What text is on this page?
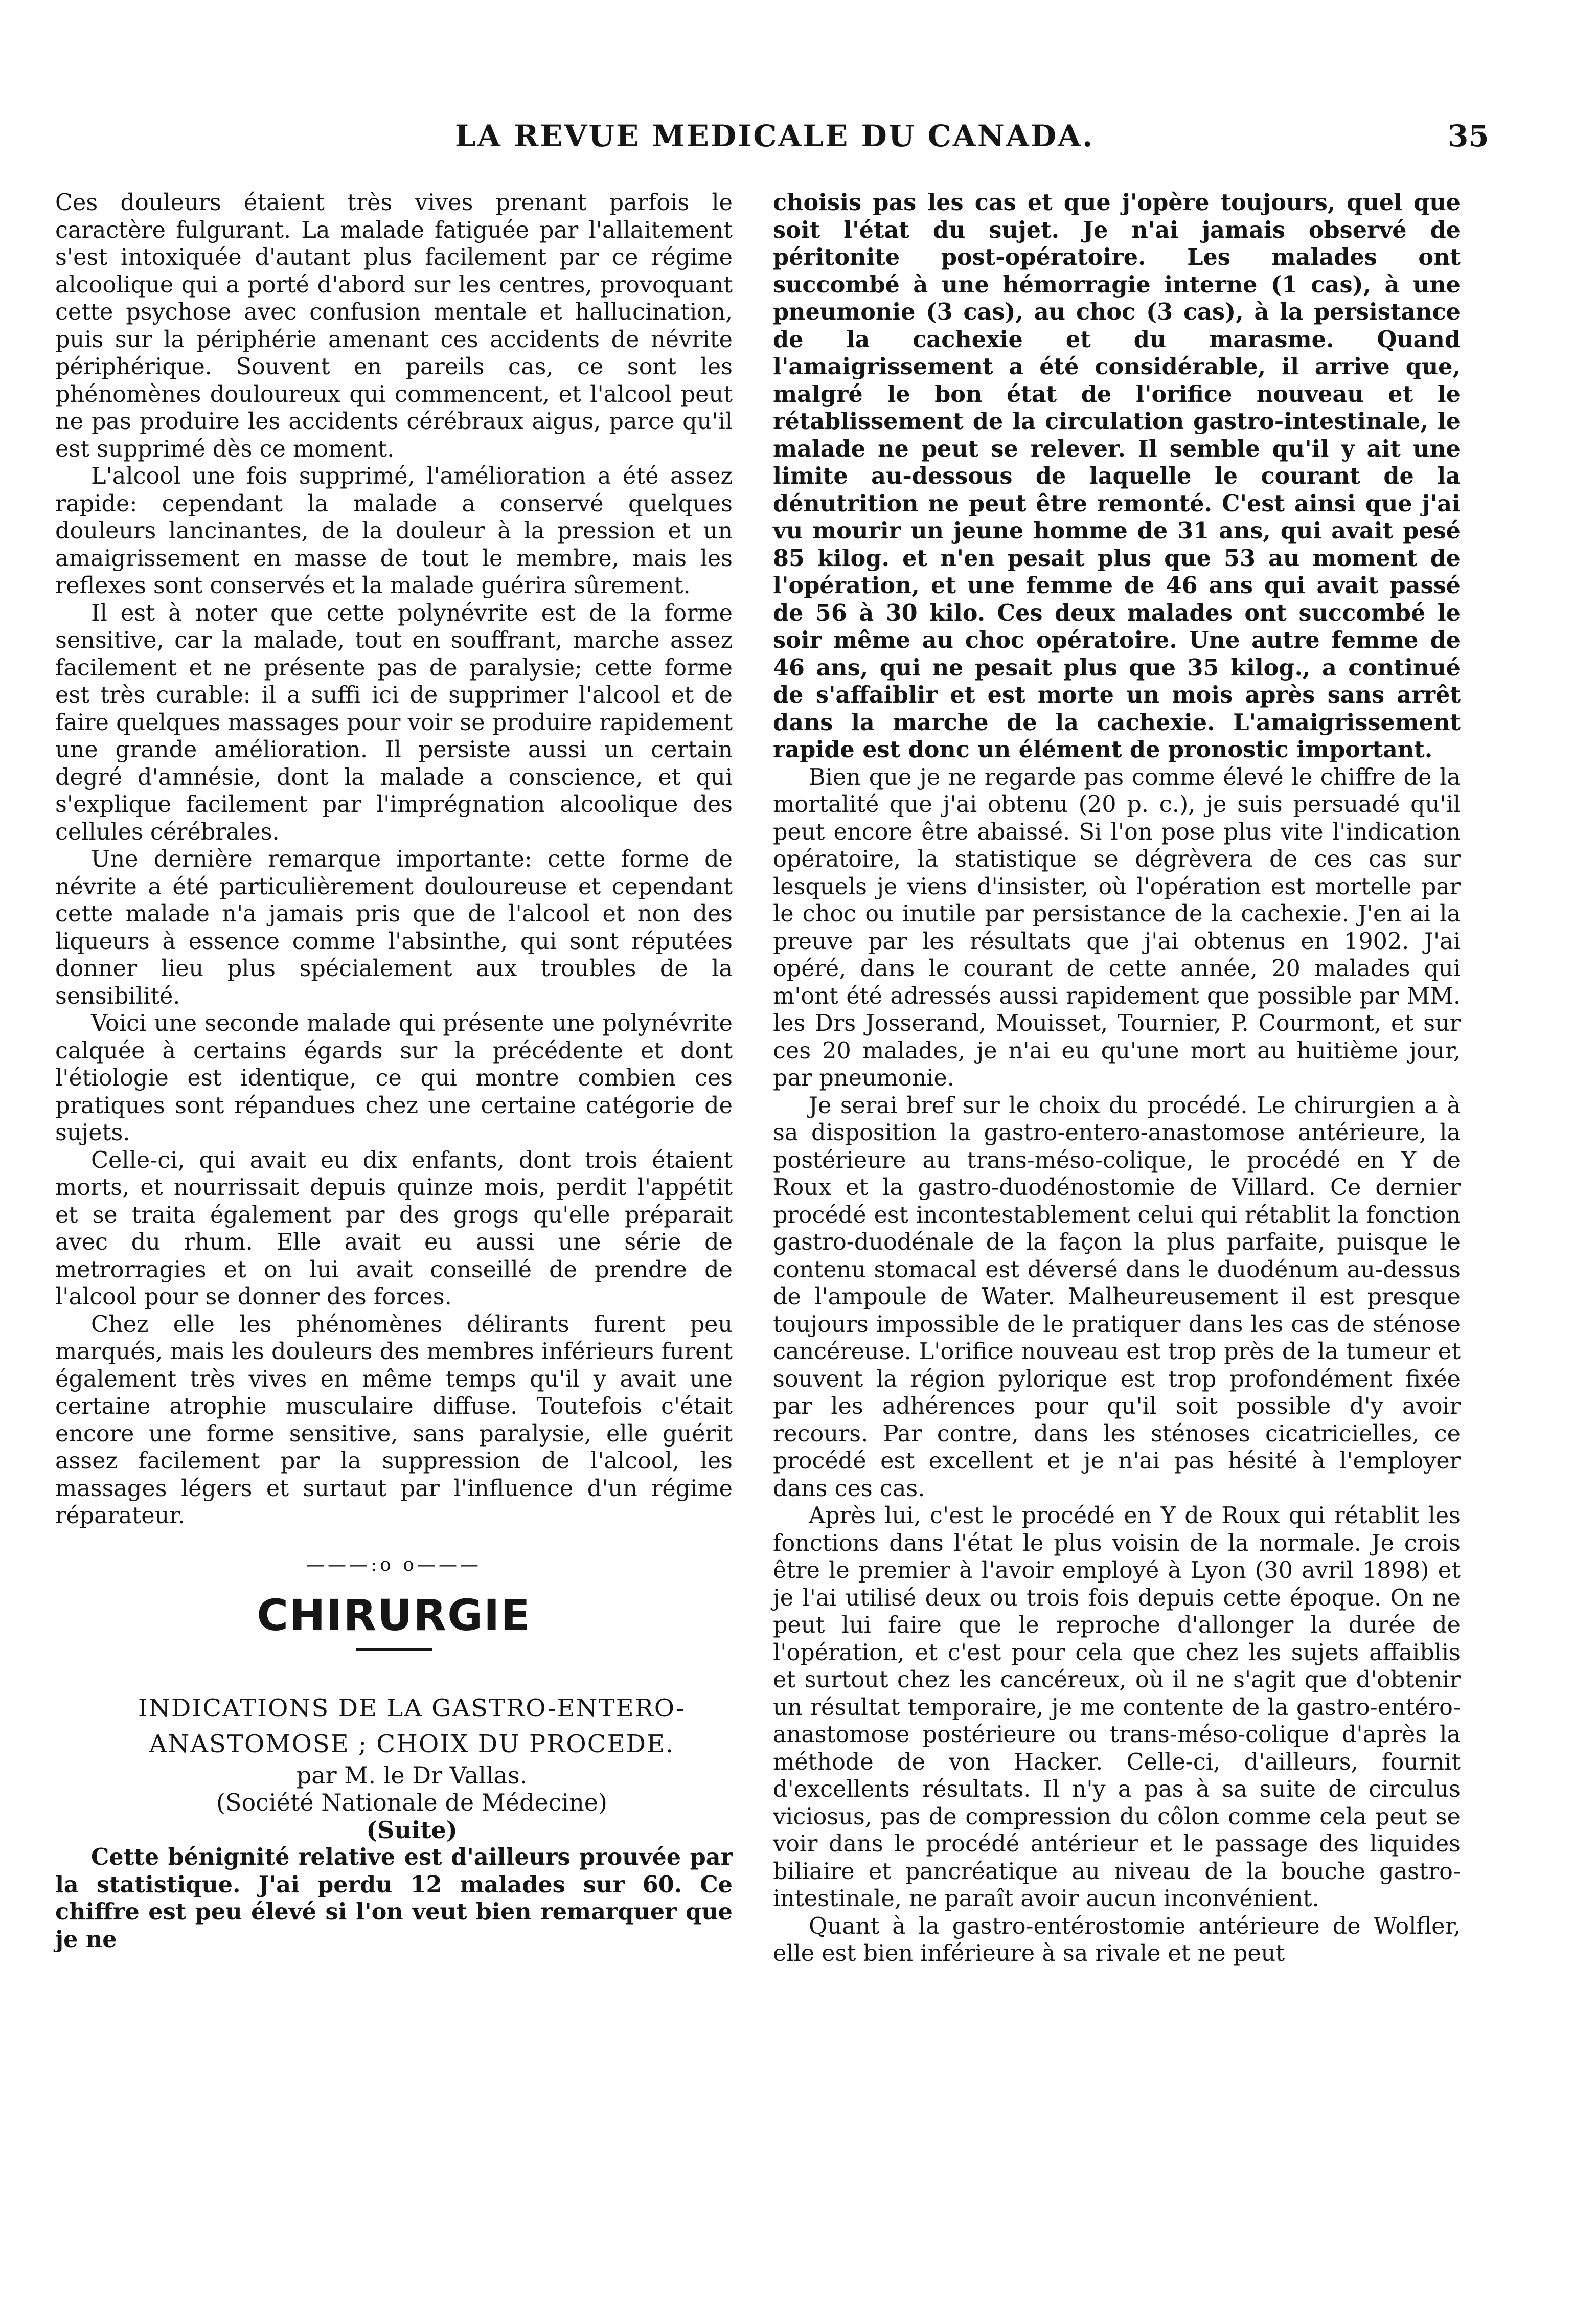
LA REVUE MEDICALE DU CANADA.	35

Ces douleurs étaient très vives prenant parfois le caractère fulgurant. La malade fatiguée par l'allaitement s'est intoxiquée d'autant plus facilement par ce régime alcoolique qui a porté d'abord sur les centres, provoquant cette psychose avec confusion mentale et hallucination, puis sur la périphérie amenant ces accidents de névrite périphérique. Souvent en pareils cas, ce sont les phénomènes douloureux qui commencent, et l'alcool peut ne pas produire les accidents cérébraux aigus, parce qu'il est supprimé dès ce moment.

L'alcool une fois supprimé, l'amélioration a été assez rapide: cependant la malade a conservé quelques douleurs lancinantes, de la douleur à la pression et un amaigrissement en masse de tout le membre, mais les reflexes sont conservés et la malade guérira sûrement.

Il est à noter que cette polynévrite est de la forme sensitive, car la malade, tout en souffrant, marche assez facilement et ne présente pas de paralysie; cette forme est très curable: il a suffi ici de supprimer l'alcool et de faire quelques massages pour voir se produire rapidement une grande amélioration. Il persiste aussi un certain degré d'amnésie, dont la malade a conscience, et qui s'explique facilement par l'imprégnation alcoolique des cellules cérébrales.

Une dernière remarque importante: cette forme de névrite a été particulièrement douloureuse et cependant cette malade n'a jamais pris que de l'alcool et non des liqueurs à essence comme l'absinthe, qui sont réputées donner lieu plus spécialement aux troubles de la sensibilité.

Voici une seconde malade qui présente une polynévrite calquée à certains égards sur la précédente et dont l'étiologie est identique, ce qui montre combien ces pratiques sont répandues chez une certaine catégorie de sujets.

Celle-ci, qui avait eu dix enfants, dont trois étaient morts, et nourrissait depuis quinze mois, perdit l'appétit et se traita également par des grogs qu'elle préparait avec du rhum. Elle avait eu aussi une série de metrorragies et on lui avait conseillé de prendre de l'alcool pour se donner des forces.

Chez elle les phénomènes délirants furent peu marqués, mais les douleurs des membres inférieurs furent également très vives en même temps qu'il y avait une certaine atrophie musculaire diffuse. Toutefois c'était encore une forme sensitive, sans paralysie, elle guérit assez facilement par la suppression de l'alcool, les massages légers et surtaut par l'influence d'un régime réparateur.

———:o o———
CHIRURGIE

INDICATIONS DE LA GASTRO-ENTERO-

ANASTOMOSE ; CHOIX DU PROCEDE.

par M. le Dr Vallas.

(Société Nationale de Médecine)

(Suite)

Cette bénignité relative est d'ailleurs prouvée par la statistique. J'ai perdu 12 malades sur 60. Ce chiffre est peu élevé si l'on veut bien remarquer que je ne

choisis pas les cas et que j'opère toujours, quel que soit l'état du sujet. Je n'ai jamais observé de péritonite post-opératoire. Les malades ont succombé à une hémorragie interne (1 cas), à une pneumonie (3 cas), au choc (3 cas), à la persistance de la cachexie et du marasme. Quand l'amaigrissement a été considérable, il arrive que, malgré le bon état de l'orifice nouveau et le rétablissement de la circulation gastro-intestinale, le malade ne peut se relever. Il semble qu'il y ait une limite au-dessous de laquelle le courant de la dénutrition ne peut être remonté. C'est ainsi que j'ai vu mourir un jeune homme de 31 ans, qui avait pesé 85 kilog. et n'en pesait plus que 53 au moment de l'opération, et une femme de 46 ans qui avait passé de 56 à 30 kilo. Ces deux malades ont succombé le soir même au choc opératoire. Une autre femme de 46 ans, qui ne pesait plus que 35 kilog., a continué de s'affaiblir et est morte un mois après sans arrêt dans la marche de la cachexie. L'amaigrissement rapide est donc un élément de pronostic important.

Bien que je ne regarde pas comme élevé le chiffre de la mortalité que j'ai obtenu (20 p. c.), je suis persuadé qu'il peut encore être abaissé. Si l'on pose plus vite l'indication opératoire, la statistique se dégrèvera de ces cas sur lesquels je viens d'insister, où l'opération est mortelle par le choc ou inutile par persistance de la cachexie. J'en ai la preuve par les résultats que j'ai obtenus en 1902. J'ai opéré, dans le courant de cette année, 20 malades qui m'ont été adressés aussi rapidement que possible par MM. les Drs Josserand, Mouisset, Tournier, P. Courmont, et sur ces 20 malades, je n'ai eu qu'une mort au huitième jour, par pneumonie.

Je serai bref sur le choix du procédé. Le chirurgien a à sa disposition la gastro-entero-anastomose antérieure, la postérieure au trans-méso-colique, le procédé en Y de Roux et la gastro-duodénostomie de Villard. Ce dernier procédé est incontestablement celui qui rétablit la fonction gastro-duodénale de la façon la plus parfaite, puisque le contenu stomacal est déversé dans le duodénum au-dessus de l'ampoule de Water. Malheureusement il est presque toujours impossible de le pratiquer dans les cas de sténose cancéreuse. L'orifice nouveau est trop près de la tumeur et souvent la région pylorique est trop profondément fixée par les adhérences pour qu'il soit possible d'y avoir recours. Par contre, dans les sténoses cicatricielles, ce procédé est excellent et je n'ai pas hésité à l'employer dans ces cas.

Après lui, c'est le procédé en Y de Roux qui rétablit les fonctions dans l'état le plus voisin de la normale. Je crois être le premier à l'avoir employé à Lyon (30 avril 1898) et je l'ai utilisé deux ou trois fois depuis cette époque. On ne peut lui faire que le reproche d'allonger la durée de l'opération, et c'est pour cela que chez les sujets affaiblis et surtout chez les cancéreux, où il ne s'agit que d'obtenir un résultat temporaire, je me contente de la gastro-entéro-anastomose postérieure ou trans-méso-colique d'après la méthode de von Hacker. Celle-ci, d'ailleurs, fournit d'excellents résultats. Il n'y a pas à sa suite de circulus viciosus, pas de compression du côlon comme cela peut se voir dans le procédé antérieur et le passage des liquides biliaire et pancréatique au niveau de la bouche gastro-intestinale, ne paraît avoir aucun inconvénient.

Quant à la gastro-entérostomie antérieure de Wolfler, elle est bien inférieure à sa rivale et ne peut
